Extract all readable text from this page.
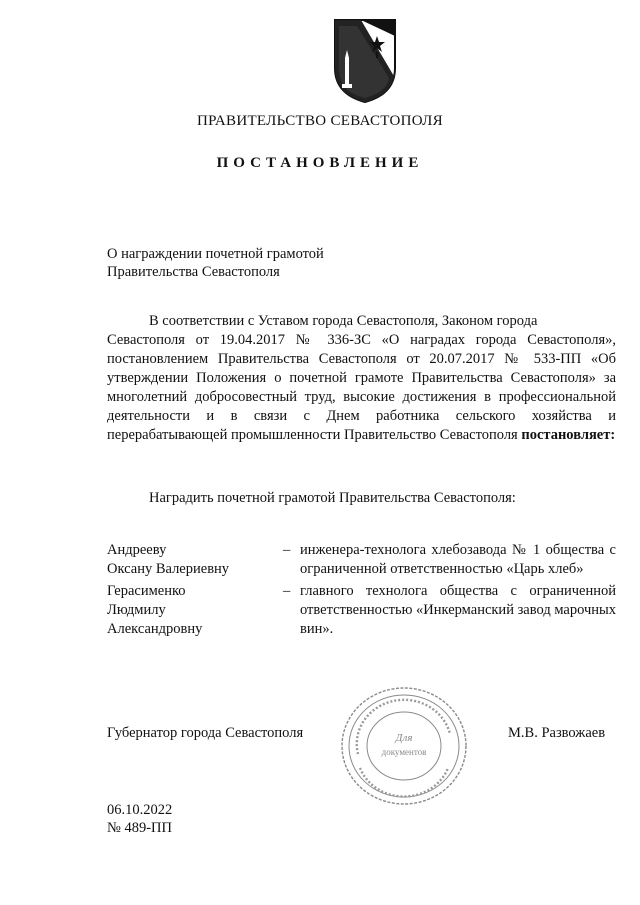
ПРАВИТЕЛЬСТВО СЕВАСТОПОЛЯ
ПОСТАНОВЛЕНИЕ
О награждении почетной грамотой
Правительства Севастополя
В соответствии с Уставом города Севастополя, Законом города
Севастополя от 19.04.2017 № 336-ЗС «О наградах города Севастополя», постановлением Правительства Севастополя от 20.07.2017 № 533-ПП «Об утверждении Положения о почетной грамоте Правительства Севастополя» за многолетний добросовестный труд, высокие достижения в профессиональной деятельности и в связи с Днем работника сельского хозяйства и перерабатывающей промышленности Правительство Севастополя постановляет:
Наградить почетной грамотой Правительства Севастополя:
Андрееву
Оксану Валериевну
– инженера-технолога хлебозавода № 1 общества с ограниченной ответственностью «Царь хлеб»
Герасименко
Людмилу
Александровну
– главного технолога общества с ограниченной ответственностью «Инкерманский завод марочных вин».
Для
документов
Губернатор города Севастополя	М.В. Развожаев
06.10.2022
№ 489-ПП
